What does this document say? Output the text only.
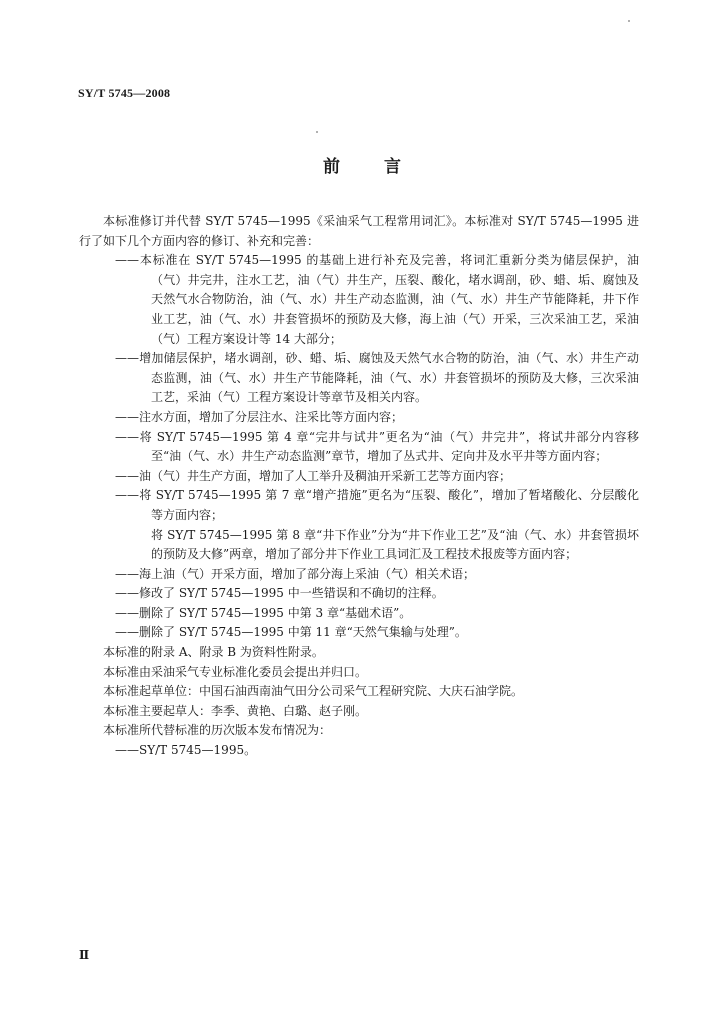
SY/T 5745—2008
前言

本标准修订并代替 SY/T 5745—1995《采油采气工程常用词汇》。本标准对 SY/T 5745—1995 进行了如下几个方面内容的修订、补充和完善：

——本标准在 SY/T 5745—1995 的基础上进行补充及完善，将词汇重新分类为储层保护，油（气）井完井，注水工艺，油（气）井生产，压裂、酸化，堵水调剖，砂、蜡、垢、腐蚀及天然气水合物防治，油（气、水）井生产动态监测，油（气、水）井生产节能降耗，井下作业工艺，油（气、水）井套管损坏的预防及大修，海上油（气）开采，三次采油工艺，采油（气）工程方案设计等 14 大部分；

——增加储层保护，堵水调剖，砂、蜡、垢、腐蚀及天然气水合物的防治，油（气、水）井生产动态监测，油（气、水）井生产节能降耗，油（气、水）井套管损坏的预防及大修，三次采油工艺，采油（气）工程方案设计等章节及相关内容。

——注水方面，增加了分层注水、注采比等方面内容；

——将 SY/T 5745—1995 第 4 章“完井与试井”更名为“油（气）井完井”，将试井部分内容移至“油（气、水）井生产动态监测”章节，增加了丛式井、定向井及水平井等方面内容；

——油（气）井生产方面，增加了人工举升及稠油开采新工艺等方面内容；

——将 SY/T 5745—1995 第 7 章“增产措施”更名为“压裂、酸化”，增加了暂堵酸化、分层酸化等方面内容；

将 SY/T 5745—1995 第 8 章“井下作业”分为“井下作业工艺”及“油（气、水）井套管损坏的预防及大修”两章，增加了部分井下作业工具词汇及工程技术报废等方面内容；

——海上油（气）开采方面，增加了部分海上采油（气）相关术语；

——修改了 SY/T 5745—1995 中一些错误和不确切的注释。

——删除了 SY/T 5745—1995 中第 3 章“基础术语”。

——删除了 SY/T 5745—1995 中第 11 章“天然气集输与处理”。

本标准的附录 A、附录 B 为资料性附录。

本标准由采油采气专业标准化委员会提出并归口。

本标准起草单位：中国石油西南油气田分公司采气工程研究院、大庆石油学院。

本标准主要起草人：李季、黄艳、白璐、赵子刚。

本标准所代替标准的历次版本发布情况为：

——SY/T 5745—1995。

Ⅱ
